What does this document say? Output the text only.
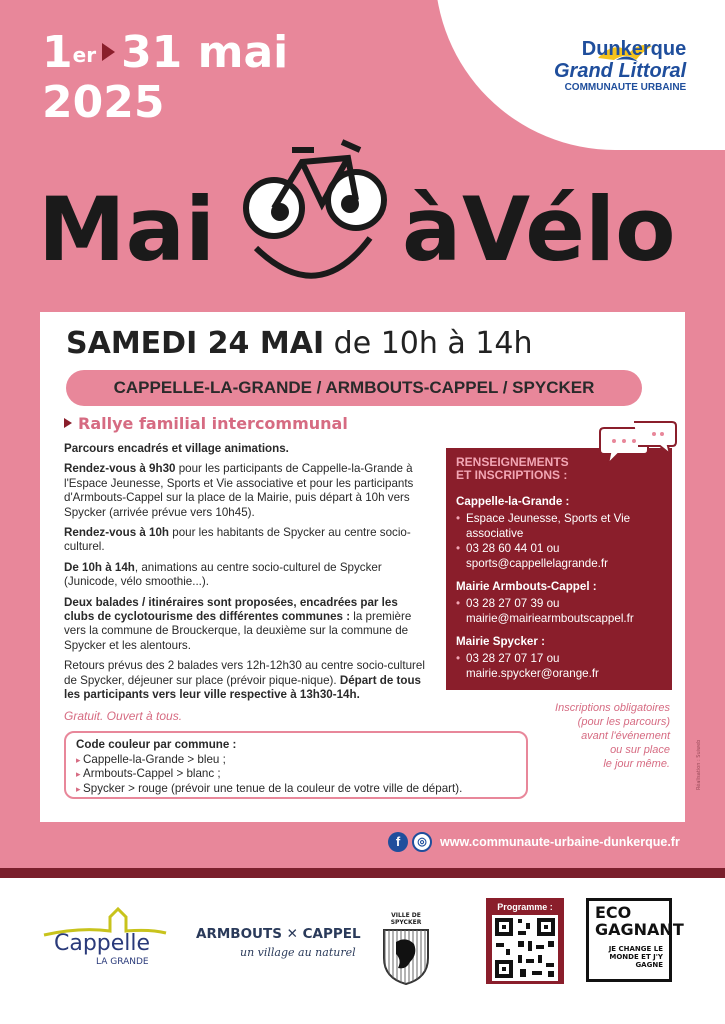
1er 31 mai
2025
Dunkerque
Grand Littoral
COMMUNAUTE URBAINE
Mai à Vélo
SAMEDI 24 MAI de 10h à 14h
CAPPELLE-LA-GRANDE / ARMBOUTS-CAPPEL / SPYCKER
Rallye familial intercommunal

Parcours encadrés et village animations.

Rendez-vous à 9h30 pour les participants de Cappelle-la-Grande à l'Espace Jeunesse, Sports et Vie associative et pour les participants d'Armbouts-Cappel sur la place de la Mairie, puis départ à 10h vers Spycker (arrivée prévue vers 10h45).

Rendez-vous à 10h pour les habitants de Spycker au centre socio-culturel.

De 10h à 14h, animations au centre socio-culturel de Spycker (Junicode, vélo smoothie...).

Deux balades / itinéraires sont proposées, encadrées par les clubs de cyclotourisme des différentes communes : la première vers la commune de Brouckerque, la deuxième sur la commune de Spycker et les alentours.

Retours prévus des 2 balades vers 12h-12h30 au centre socio-culturel de Spycker, déjeuner sur place (prévoir pique-nique). Départ de tous les participants vers leur ville respective à 13h30-14h.

Gratuit. Ouvert à tous.
Code couleur par commune :
▸ Cappelle-la-Grande > bleu ;
▸ Armbouts-Cappel > blanc ;
▸ Spycker > rouge (prévoir une tenue de la couleur de votre ville de départ).
RENSEIGNEMENTS
ET INSCRIPTIONS :
Cappelle-la-Grande :
• Espace Jeunesse, Sports et Vie associative
• 03 28 60 44 01 ou sports@cappellelagrande.fr
Mairie Armbouts-Cappel :
• 03 28 27 07 39 ou mairie@mairiearmboutscappel.fr
Mairie Spycker :
• 03 28 27 07 17 ou mairie.spycker@orange.fr
Inscriptions obligatoires
(pour les parcours)
avant l'événement
ou sur place
le jour même.
f ◎ www.communaute-urbaine-dunkerque.fr
Réalisation : Suiweb
Cappelle
LA GRANDE
ARMBOUTS ✕ CAPPEL
un village au naturel
VILLE DE SPYCKER
Programme :	ECO
GAGNANT
JE CHANGE LE MONDE ET J'Y GAGNE
